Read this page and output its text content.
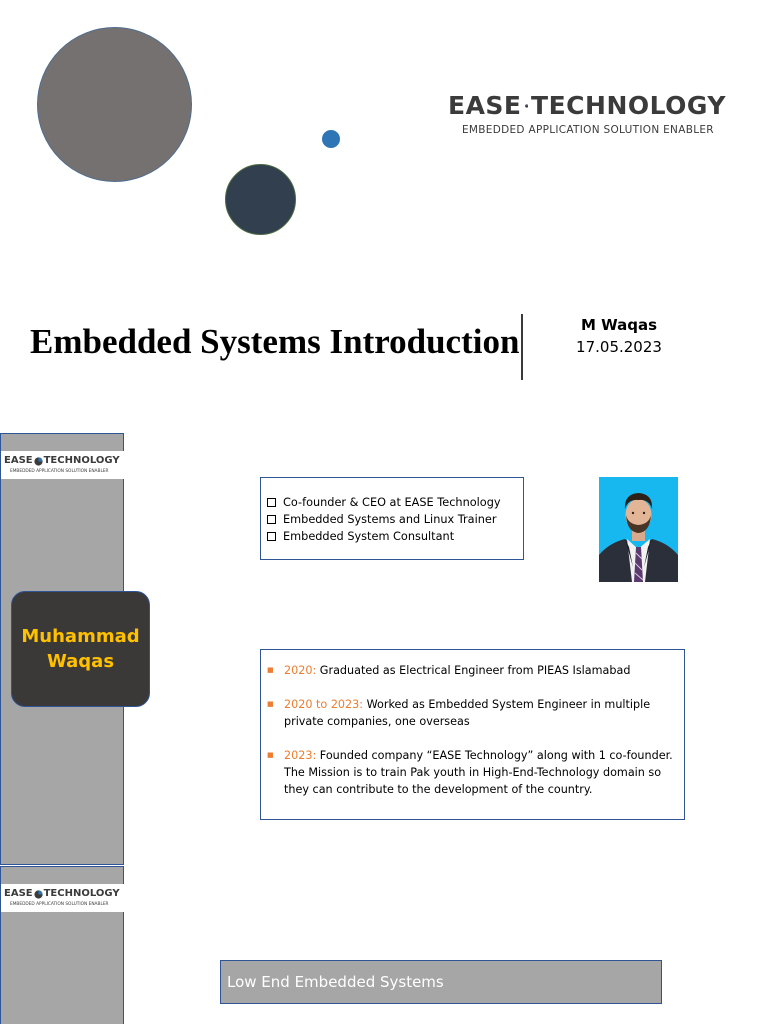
EASE TECHNOLOGY
EMBEDDED APPLICATION SOLUTION ENABLER
Embedded Systems Introduction	M Waqas
17.05.2023
EASE TECHNOLOGY
EMBEDDED APPLICATION SOLUTION ENABLER
Muhammad Waqas
Co-founder & CEO at EASE Technology
Embedded Systems and Linux Trainer
Embedded System Consultant
■ 2020: Graduated as Electrical Engineer from PIEAS Islamabad
■ 2020 to 2023: Worked as Embedded System Engineer in multiple private companies, one overseas
■ 2023: Founded company “EASE Technology” along with 1 co-founder. The Mission is to train Pak youth in High-End-Technology domain so they can contribute to the development of the country.
EASE TECHNOLOGY
EMBEDDED APPLICATION SOLUTION ENABLER
Low End Embedded Systems
